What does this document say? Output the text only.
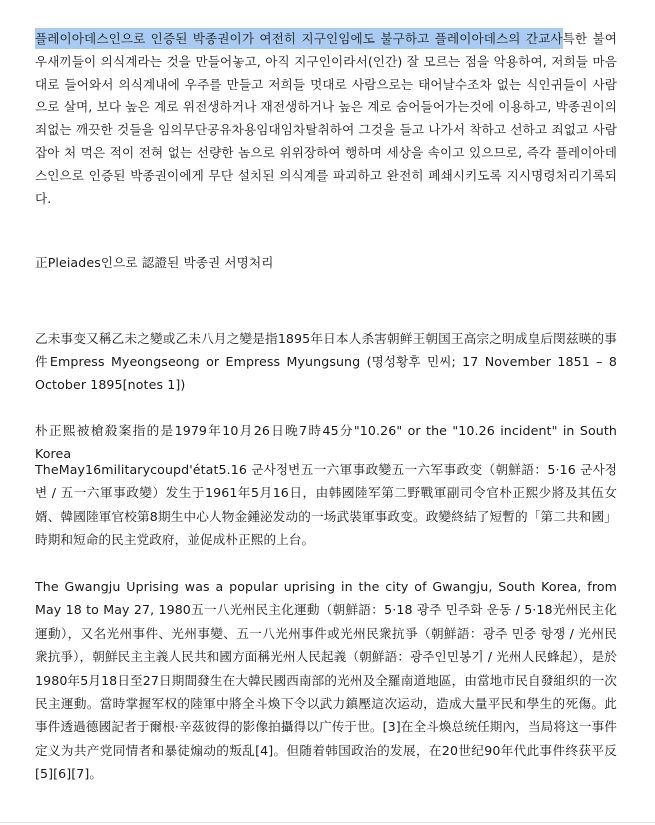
플레이아데스인으로 인증된 박종권이가 여전히 지구인임에도 불구하고 플레이아데스의 간교사특한 불여우새끼들이 의식계라는 것을 만들어놓고, 아직 지구인이라서(인간) 잘 모르는 점을 악용하여, 저희들 마음대로 들어와서 의식계내에 우주를 만들고 저희들 멋대로 사람으로는 태어날수조차 없는 식인귀들이 사람으로 살며, 보다 높은 계로 위전생하거나 재전생하거나 높은 계로 숨어들어가는것에 이용하고, 박종권이의 죄없는 깨끗한 것들을 임의무단공유차용임대임차탈취하여 그것을 들고 나가서 착하고 선하고 죄없고 사람잡아 처 먹은 적이 전혀 없는 선량한 놈으로 위위장하여 행하며 세상을 속이고 있으므로, 즉각 플레이아데스인으로 인증된 박종권이에게 무단 설치된 의식계를 파괴하고 완전히 폐쇄시키도록 지시명령처리기록되다.

正Pleiades인으로 認證된 박종권 서명처리

乙未事变又稱乙未之變或乙未八月之變是指1895年日本人杀害朝鲜王朝国王高宗之明成皇后閔兹暎的事件Empress Myeongseong or Empress Myungsung (명성황후 민씨; 17 November 1851 – 8 October 1895[notes 1])

朴正熙被槍殺案指的是1979年10月26日晚7時45分"10.26" or the "10.26 incident" in South Korea

TheMay16militarycoupd'état5.16 군사정변五一六軍事政變五一六军事政变（朝鮮語：5·16 군사정변 / 五一六軍事政變）发生于1961年5月16日，由韩國陸军第二野戰軍副司令官朴正熙少將及其伍女婿、韓國陸軍官校第8期生中心人物金鍾泌发动的一场武裝軍事政变。政變終結了短暫的「第二共和國」時期和短命的民主党政府，並促成朴正熙的上台。

The Gwangju Uprising was a popular uprising in the city of Gwangju, South Korea, from May 18 to May 27, 1980五一八光州民主化運動（朝鮮語：5·18 광주 민주화 운동 / 5·18光州民主化運動），又名光州事件、光州事變、五一八光州事件或光州民衆抗爭（朝鮮語：광주 민중 항쟁 / 光州民衆抗爭），朝鮮民主主義人民共和國方面稱光州人民起義（朝鮮語：광주인민봉기 / 光州人民蜂起），是於1980年5月18日至27日期間發生在大韓民國西南部的光州及全羅南道地區，由當地市民自發組织的一次民主運動。當時掌握军权的陸軍中將全斗煥下令以武力鎮壓這次运动，造成大量平民和學生的死傷。此事件透過德國記者于爾根·辛茲彼得的影像拍攝得以广传于世。[3]在全斗煥总统任期內，当局将这一事件定义为共产党同情者和暴徒煽动的叛乱[4]。但随着韩国政治的发展，在20世纪90年代此事件终获平反[5][6][7]。
